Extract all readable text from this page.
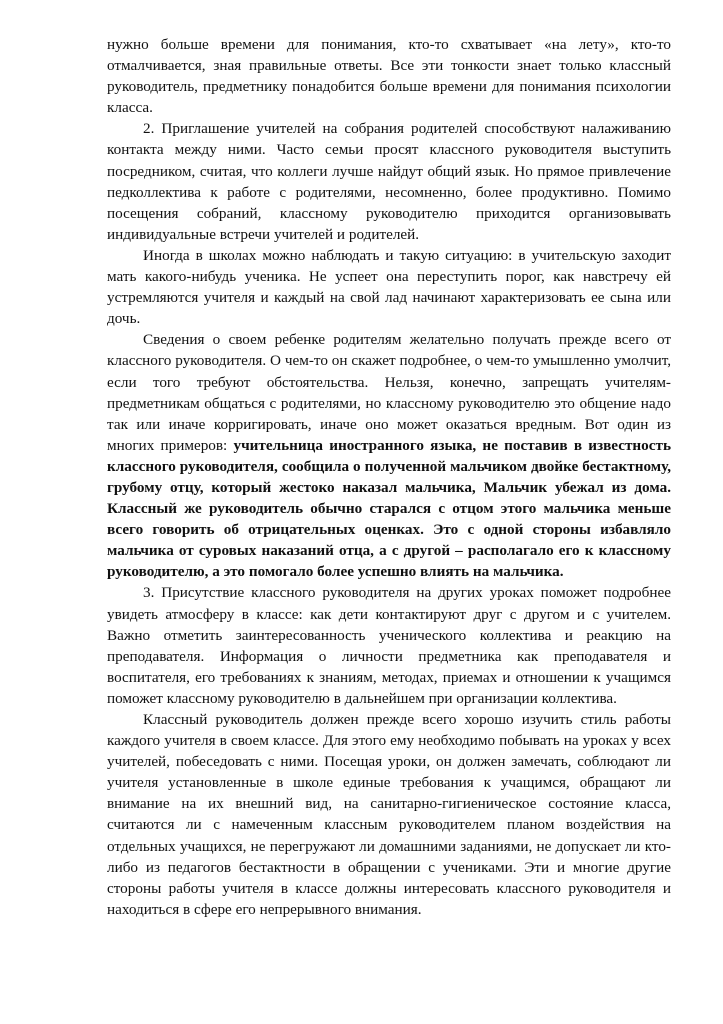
нужно больше времени для понимания, кто-то схватывает «на лету», кто-то отмалчивается, зная правильные ответы. Все эти тонкости знает только классный руководитель, предметнику понадобится больше времени для понимания психологии класса.

2. Приглашение учителей на собрания родителей способствуют налаживанию контакта между ними. Часто семьи просят классного руководителя выступить посредником, считая, что коллеги лучше найдут общий язык. Но прямое привлечение педколлектива к работе с родителями, несомненно, более продуктивно. Помимо посещения собраний, классному руководителю приходится организовывать индивидуальные встречи учителей и родителей.

Иногда в школах можно наблюдать и такую ситуацию: в учительскую заходит мать какого-нибудь ученика. Не успеет она переступить порог, как навстречу ей устремляются учителя и каждый на свой лад начинают характеризовать ее сына или дочь.

Сведения о своем ребенке родителям желательно получать прежде всего от классного руководителя. О чем-то он скажет подробнее, о чем-то умышленно умолчит, если того требуют обстоятельства. Нельзя, конечно, запрещать учителям-предметникам общаться с родителями, но классному руководителю это общение надо так или иначе корригировать, иначе оно может оказаться вредным. Вот один из многих примеров: учительница иностранного языка, не поставив в известность классного руководителя, сообщила о полученной мальчиком двойке бестактному, грубому отцу, который жестоко наказал мальчика, Мальчик убежал из дома. Классный же руководитель обычно старался с отцом этого мальчика меньше всего говорить об отрицательных оценках. Это с одной стороны избавляло мальчика от суровых наказаний отца, а с другой – располагало его к классному руководителю, а это помогало более успешно влиять на мальчика.

3. Присутствие классного руководителя на других уроках поможет подробнее увидеть атмосферу в классе: как дети контактируют друг с другом и с учителем. Важно отметить заинтересованность ученического коллектива и реакцию на преподавателя. Информация о личности предметника как преподавателя и воспитателя, его требованиях к знаниям, методах, приемах и отношении к учащимся поможет классному руководителю в дальнейшем при организации коллектива.

Классный руководитель должен прежде всего хорошо изучить стиль работы каждого учителя в своем классе. Для этого ему необходимо побывать на уроках у всех учителей, побеседовать с ними. Посещая уроки, он должен замечать, соблюдают ли учителя установленные в школе единые требования к учащимся, обращают ли внимание на их внешний вид, на санитарно-гигиеническое состояние класса, считаются ли с намеченным классным руководителем планом воздействия на отдельных учащихся, не перегружают ли домашними заданиями, не допускает ли кто-либо из педагогов бестактности в обращении с учениками. Эти и многие другие стороны работы учителя в классе должны интересовать классного руководителя и находиться в сфере его непрерывного внимания.
